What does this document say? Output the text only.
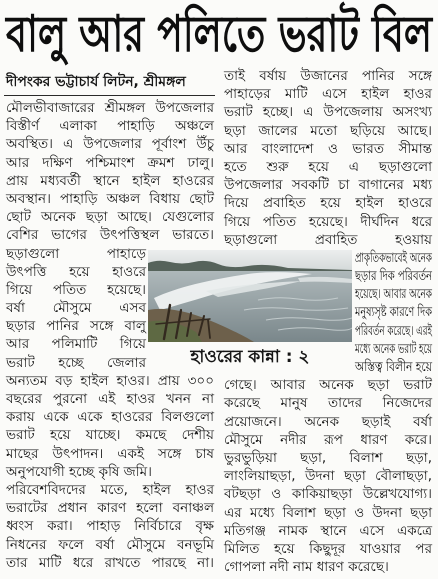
বালু আর পলিতে ভরাট বিল
দীপংকর ভট্টাচার্য লিটন, শ্রীমঙ্গল
মৌলভীবাজারের শ্রীমঙ্গল উপজেলার
বিস্তীর্ণ এলাকা পাহাড়ি অঞ্চলে
অবস্থিত। এ উপজেলার পূর্বাংশ উঁচু
আর দক্ষিণ পশ্চিমাংশ ক্রমশ ঢালু।
প্রায় মধ্যবর্তী স্থানে হাইল হাওরের
অবস্থান। পাহাড়ি অঞ্চল বিধায় ছোট
ছোট অনেক ছড়া আছে। যেগুলোর
বেশির ভাগের উৎপত্তিস্থল ভারতে।
ছড়াগুলো পাহাড়ে
উৎপত্তি হয়ে হাওরে
গিয়ে পতিত হয়েছে।
বর্ষা মৌসুমে এসব
ছড়ার পানির সঙ্গে বালু
আর পলিমাটি গিয়ে
ভরাট হচ্ছে জেলার
অন্যতম বড় হাইল হাওর। প্রায় ৩০০
বছরের পুরনো এই হাওর খনন না
করায় একে একে হাওরের বিলগুলো
ভরাট হয়ে যাচ্ছে। কমছে দেশীয়
মাছের উৎপাদন। একই সঙ্গে চাষ
অনুপযোগী হচ্ছে কৃষি জমি।
পরিবেশবিদদের মতে, হাইল হাওর
ভরাটের প্রধান কারণ হলো বনাঞ্চল
ধ্বংস করা। পাহাড় নির্বিচারে বৃক্ষ
নিধনের ফলে বর্ষা মৌসুমে বনভূমি
তার মাটি ধরে রাখতে পারছে না।
তাই বর্ষায় উজানের পানির সঙ্গে
পাহাড়ের মাটি এসে হাইল হাওর
ভরাট হচ্ছে। এ উপজেলায় অসংখ্য
ছড়া জালের মতো ছড়িয়ে আছে।
আর বাংলাদেশ ও ভারত সীমান্ত
হতে শুরু হয়ে এ ছড়াগুলো
উপজেলার সবকটি চা বাগানের মধ্য
দিয়ে প্রবাহিত হয়ে হাইল হাওরে
গিয়ে পতিত হয়েছে। দীর্ঘদিন ধরে
ছড়াগুলো প্রবাহিত হওয়ায়
প্রাকৃতিকভাবেই অনেক
ছড়ার দিক পরিবর্তন
হয়েছে। আবার অনেক
মনুষ্যসৃষ্ট কারণে দিক
পরিবর্তন করেছে। এরই
মধ্যে অনেক ভরাট হয়ে
অস্তিত্ব বিলীন হয়ে
গেছে। আবার অনেক ছড়া ভরাট
করেছে মানুষ তাদের নিজেদের
প্রয়োজনে। অনেক ছড়াই বর্ষা
মৌসুমে নদীর রূপ ধারণ করে।
ভুরভুড়িয়া ছড়া, বিলাশ ছড়া,
লাংলিয়াছড়া, উদনা ছড়া বৌলাছড়া,
বটছড়া ও কাকিয়াছড়া উল্লেখযোগ্য।
এর মধ্যে বিলাশ ছড়া ও উদনা ছড়া
মতিগঞ্জ নামক স্থানে এসে একত্রে
মিলিত হয়ে কিছুদূর যাওয়ার পর
গোপলা নদী নাম ধারণ করেছে।
হাওরের কান্না : ২
